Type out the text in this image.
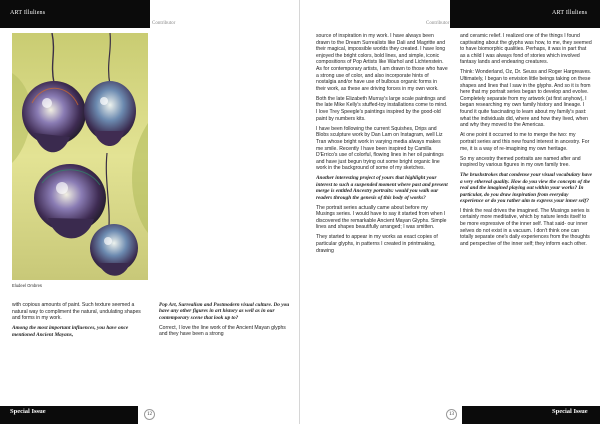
ART Illuliens
Contributor
Eludeel Ombres

with copious amounts of paint. Such texture seemed a natural way to compliment the natural, undulating shapes and forms in my work.

Among the most important influences, you have once mentioned Ancient Mayans,

Pop Art, Surrealism and Postmodern visual culture. Do you have any other figures in art history as well as in our contemporary scene that look up to?

Correct, I love the line work of the Ancient Mayan glyphs and they have been a strong

Special Issue	12

source of inspiration in my work. I have always been drawn to the Dream Surrealists like Dali and Magritte and their magical, impossible worlds they created. I have long enjoyed the bright colors, bold lines, and simple, iconic compositions of Pop Artists like Warhol and Lichtenstein. As for contemporary artists, I am drawn to those who have a strong use of color, and also incorporate hints of nostalgia and/or have use of bulbous organic forms in their work, as these are driving forces in my own work.

Both the late Elizabeth Murray's large scale paintings and the late Mike Kelly's stuffed-toy installations come to mind. I love Trey Speegle's paintings inspired by the good-old paint by numbers kits.

I have been following the current Squishes, Drips and Blobs sculpture work by Dan Lam on Instagram, well Liz Tran whose bright work in varying media always makes me smile. Recently I have been inspired by Camilla D'Errico's use of colorful, flowing lines in her oil paintings and have just begun trying out some bright organic line work in the background of some of my sketches.

Another interesting project of yours that highlight your interest to such a suspended moment where past and present merge is entitled Ancestry portraits: would you walk our readers through the genesis of this body of works?

The portrait series actually came about before my Musings series. I would have to say it started from when I discovered the remarkable Ancient Mayan Glyphs. Simple lines and shapes beautifully arranged; I was smitten.

They started to appear in my works as exact copies of particular glyphs, in patterns I created in printmaking, drawing

ART Illuliens
Contributor
Special Issue
13

and ceramic relief. I realized one of the things I found captivating about the glyphs was how, to me, they seemed to have biomorphic qualities. Perhaps, it was in part that as a child I was always fond of stories which involved fantasy lands and endearing creatures.

Think: Wonderland, Oz, Dr. Seuss and Roger Hargreaves. Ultimately, I began to envision little beings taking on these shapes and lines that I saw in the glyphs. And so it is from here that my portrait series began to develop and evolve. Completely separate from my artwork (at first anyhow), I began researching my own family history and lineage. I found it quite fascinating to learn about my family's past: what the individuals did, where and how they lived, when and why they moved to the Americas.

At one point it occurred to me to merge the two: my portrait series and this new found interest in ancestry. For me, it is a way of re-imagining my own heritage.

So my ancestry themed portraits are named after and inspired by various figures in my own family tree.

The brushstrokes that condense your visual vocabulary have a very ethereal quality. How do you view the concepts of the real and the imagined playing out within your works? In particular, do you draw inspiration from everyday experience or do you rather aim to express your inner self?

I think the real drives the imagined. The Musings series is certainly more meditative, which by nature lends itself to be more expressive of the inner self. That said- our inner selves do not exist in a vacuum. I don't think one can totally separate one's daily experiences from the thoughts and perspective of the inner self; they inform each other.
